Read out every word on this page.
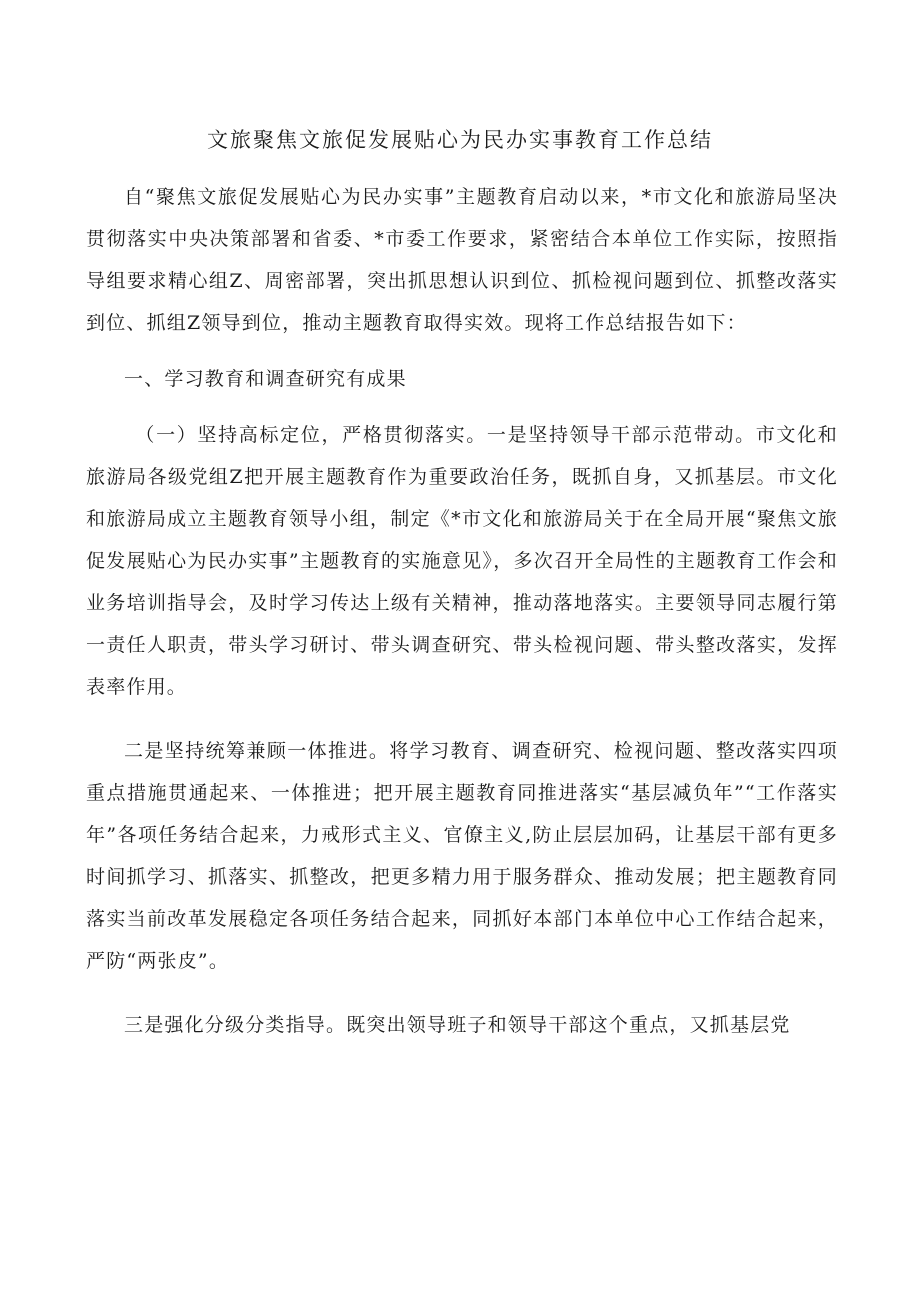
文旅聚焦文旅促发展贴心为民办实事教育工作总结

自“聚焦文旅促发展贴心为民办实事”主题教育启动以来，*市文化和旅游局坚决贯彻落实中央决策部署和省委、*市委工作要求，紧密结合本单位工作实际，按照指导组要求精心组Z、周密部署，突出抓思想认识到位、抓检视问题到位、抓整改落实到位、抓组Z领导到位，推动主题教育取得实效。现将工作总结报告如下：

一、学习教育和调查研究有成果

（一）坚持高标定位，严格贯彻落实。一是坚持领导干部示范带动。市文化和旅游局各级党组Z把开展主题教育作为重要政治任务，既抓自身，又抓基层。市文化和旅游局成立主题教育领导小组，制定《*市文化和旅游局关于在全局开展“聚焦文旅促发展贴心为民办实事”主题教育的实施意见》，多次召开全局性的主题教育工作会和业务培训指导会，及时学习传达上级有关精神，推动落地落实。主要领导同志履行第一责任人职责，带头学习研讨、带头调查研究、带头检视问题、带头整改落实，发挥表率作用。

二是坚持统筹兼顾一体推进。将学习教育、调查研究、检视问题、整改落实四项重点措施贯通起来、一体推进；把开展主题教育同推进落实“基层减负年”“工作落实年”各项任务结合起来，力戒形式主义、官僚主义,防止层层加码，让基层干部有更多时间抓学习、抓落实、抓整改，把更多精力用于服务群众、推动发展；把主题教育同落实当前改革发展稳定各项任务结合起来，同抓好本部门本单位中心工作结合起来，严防“两张皮”。

三是强化分级分类指导。既突出领导班子和领导干部这个重点，又抓基层党
